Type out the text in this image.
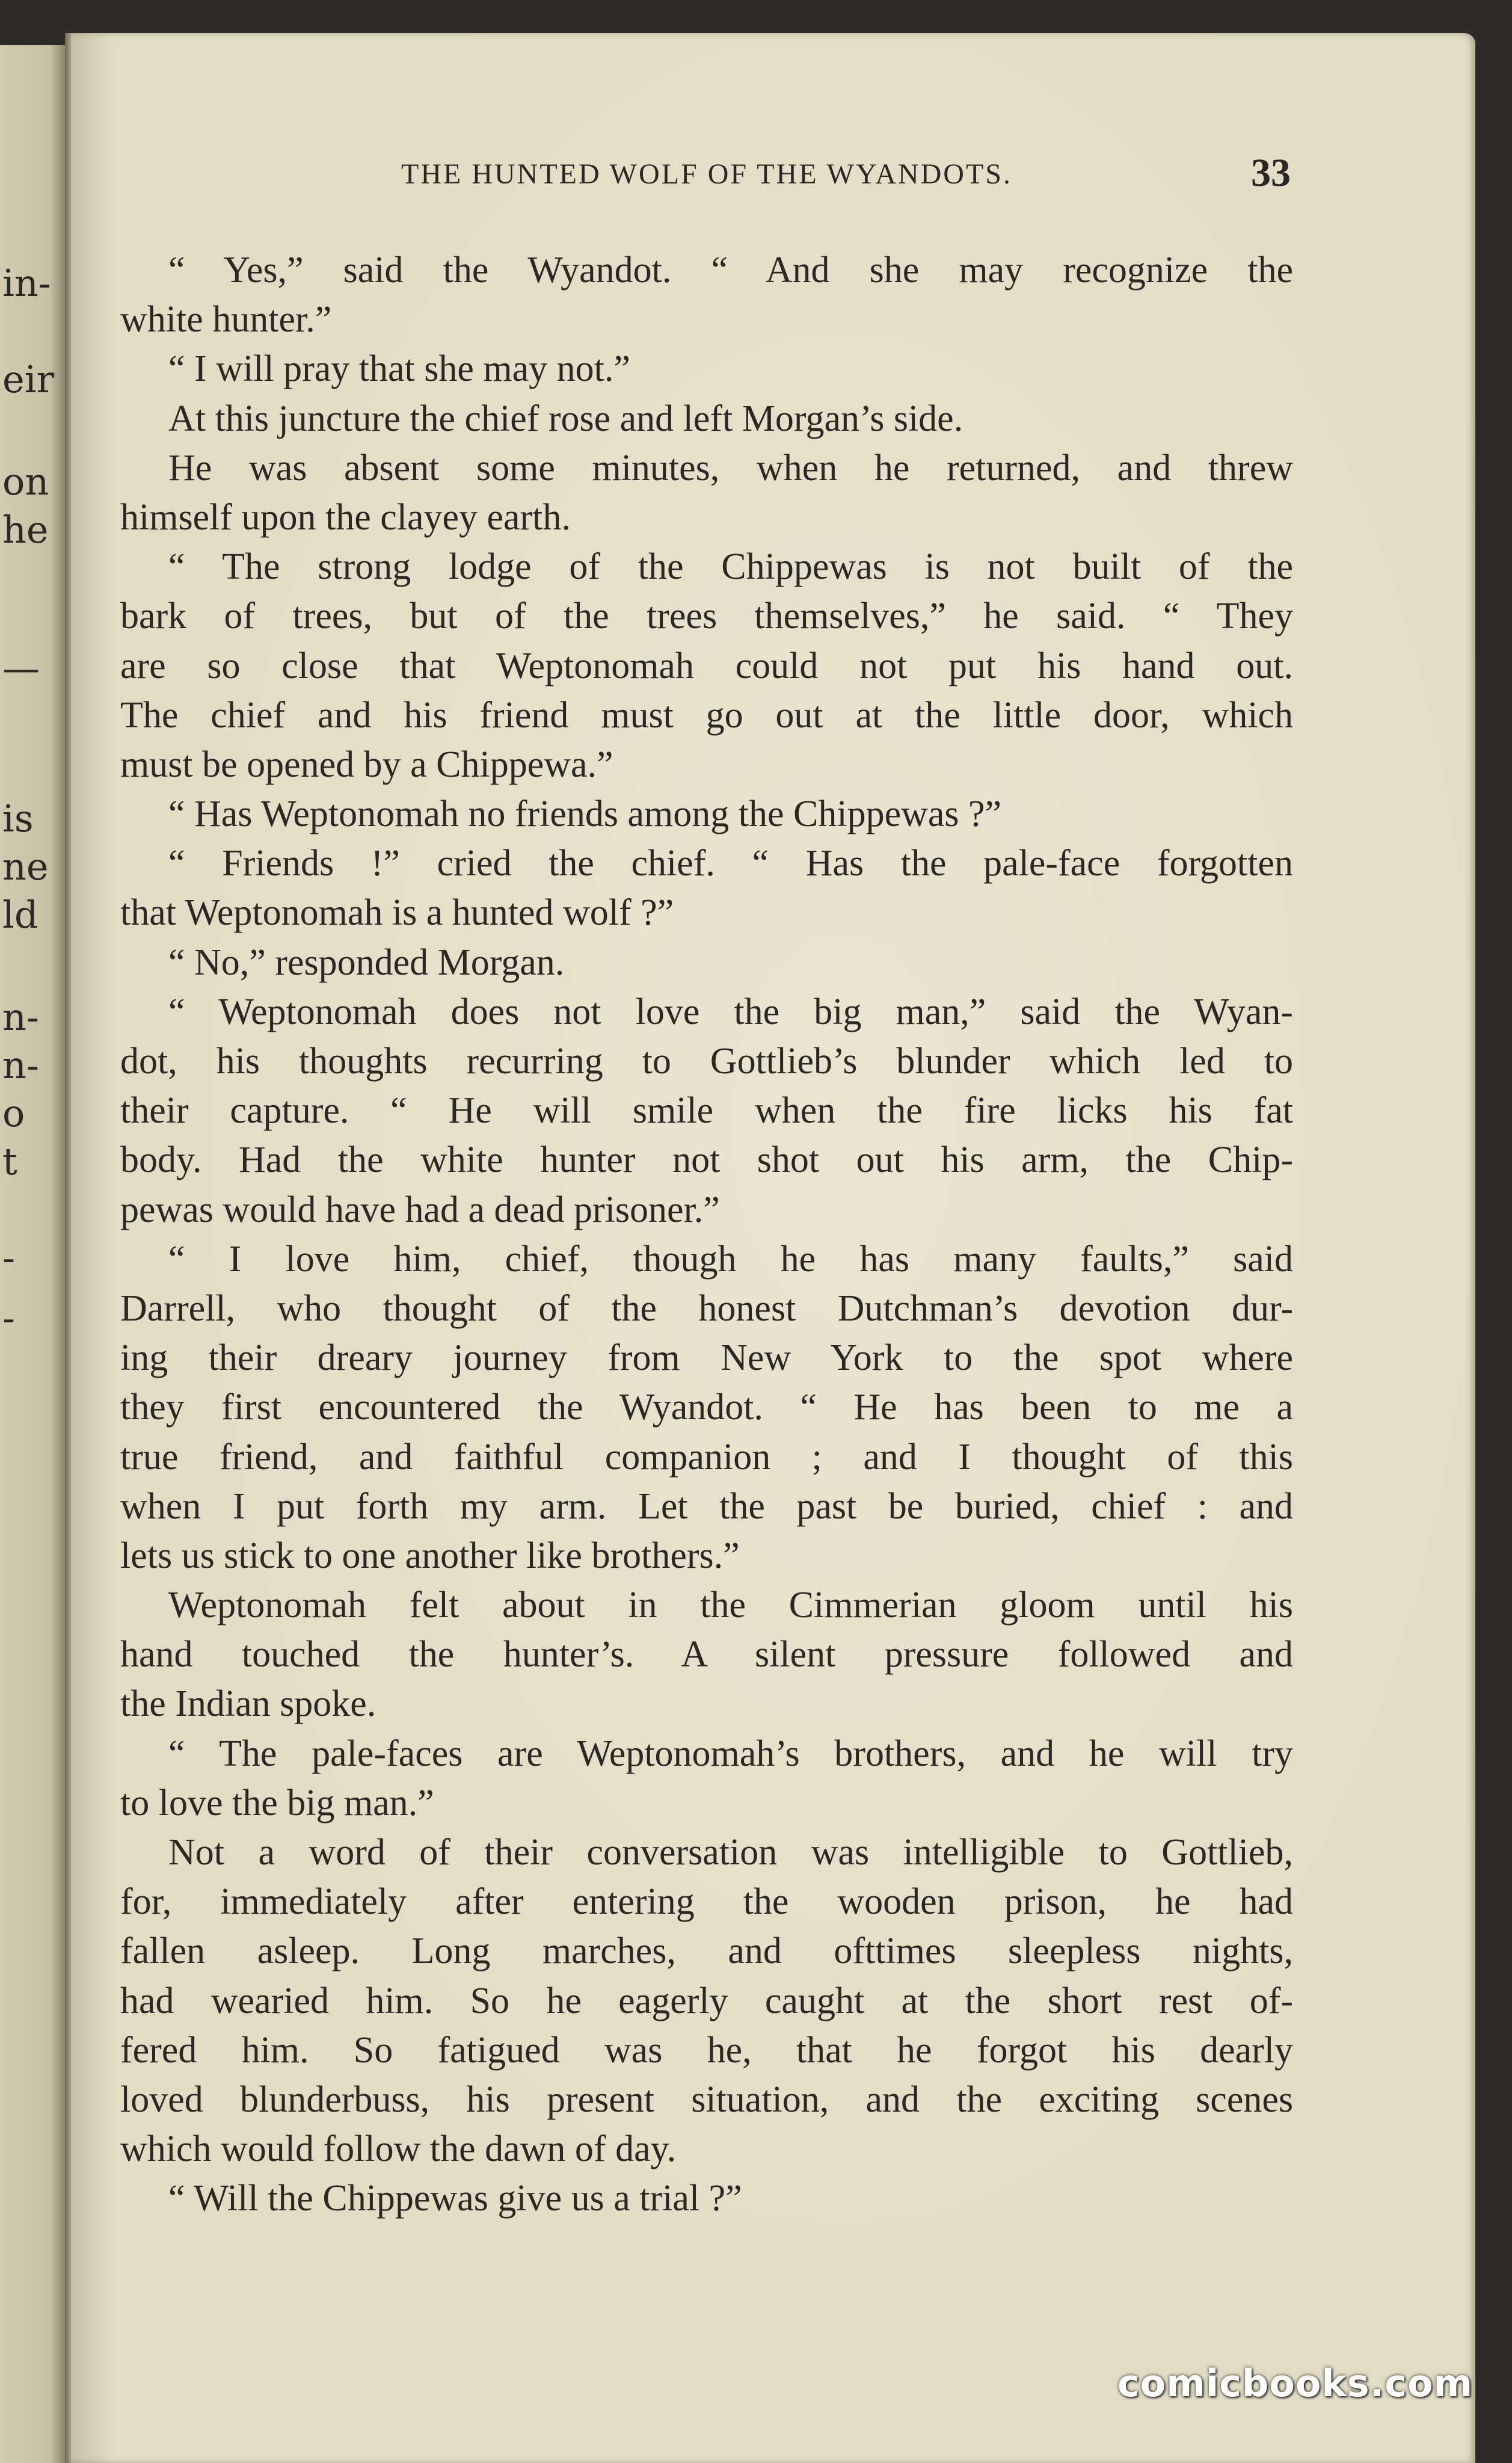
in-
eir
on
he
—
is
ne
ld
n-
n-
o
t
-
-
THE HUNTED WOLF OF THE WYANDOTS.	33
“ Yes,” said the Wyandot. “ And she may recognize the
white hunter.”
“ I will pray that she may not.”
At this juncture the chief rose and left Morgan’s side.
He was absent some minutes, when he returned, and threw
himself upon the clayey earth.
“ The strong lodge of the Chippewas is not built of the
bark of trees, but of the trees themselves,” he said. “ They
are so close that Weptonomah could not put his hand out.
The chief and his friend must go out at the little door, which
must be opened by a Chippewa.”
“ Has Weptonomah no friends among the Chippewas ?”
“ Friends !” cried the chief. “ Has the pale-face forgotten
that Weptonomah is a hunted wolf ?”
“ No,” responded Morgan.
“ Weptonomah does not love the big man,” said the Wyan-
dot, his thoughts recurring to Gottlieb’s blunder which led to
their capture. “ He will smile when the fire licks his fat
body. Had the white hunter not shot out his arm, the Chip-
pewas would have had a dead prisoner.”
“ I love him, chief, though he has many faults,” said
Darrell, who thought of the honest Dutchman’s devotion dur-
ing their dreary journey from New York to the spot where
they first encountered the Wyandot. “ He has been to me a
true friend, and faithful companion ; and I thought of this
when I put forth my arm. Let the past be buried, chief : and
lets us stick to one another like brothers.”
Weptonomah felt about in the Cimmerian gloom until his
hand touched the hunter’s. A silent pressure followed and
the Indian spoke.
“ The pale-faces are Weptonomah’s brothers, and he will try
to love the big man.”
Not a word of their conversation was intelligible to Gottlieb,
for, immediately after entering the wooden prison, he had
fallen asleep. Long marches, and ofttimes sleepless nights,
had wearied him. So he eagerly caught at the short rest of-
fered him. So fatigued was he, that he forgot his dearly
loved blunderbuss, his present situation, and the exciting scenes
which would follow the dawn of day.
“ Will the Chippewas give us a trial ?”
comicbooks.com
